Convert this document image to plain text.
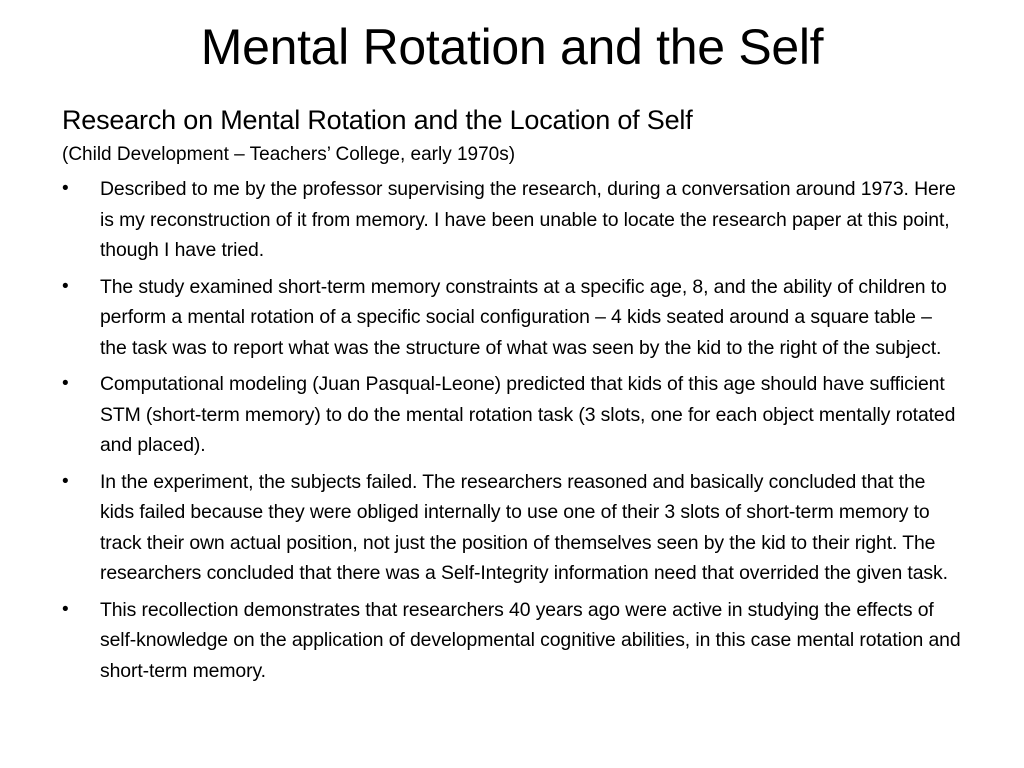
Mental Rotation and the Self
Research on Mental Rotation and the Location of Self
(Child Development – Teachers’ College, early 1970s)
•	Described to me by the professor supervising the research, during a conversation around 1973. Here is my reconstruction of it from memory. I have been unable to locate the research paper at this point, though I have tried.
•	The study examined short-term memory constraints at a specific age, 8, and the ability of children to perform a mental rotation of a specific social configuration – 4 kids seated around a square table – the task was to report what was the structure of what was seen by the kid to the right of the subject.
•	Computational modeling (Juan Pasqual-Leone) predicted that kids of this age should have sufficient STM (short-term memory) to do the mental rotation task (3 slots, one for each object mentally rotated and placed).
•	In the experiment, the subjects failed. The researchers reasoned and basically concluded that the kids failed because they were obliged internally to use one of their 3 slots of short-term memory to track their own actual position, not just the position of themselves seen by the kid to their right. The researchers concluded that there was a Self-Integrity information need that overrided the given task.
•	This recollection demonstrates that researchers 40 years ago were active in studying the effects of self-knowledge on the application of developmental cognitive abilities, in this case mental rotation and short-term memory.
